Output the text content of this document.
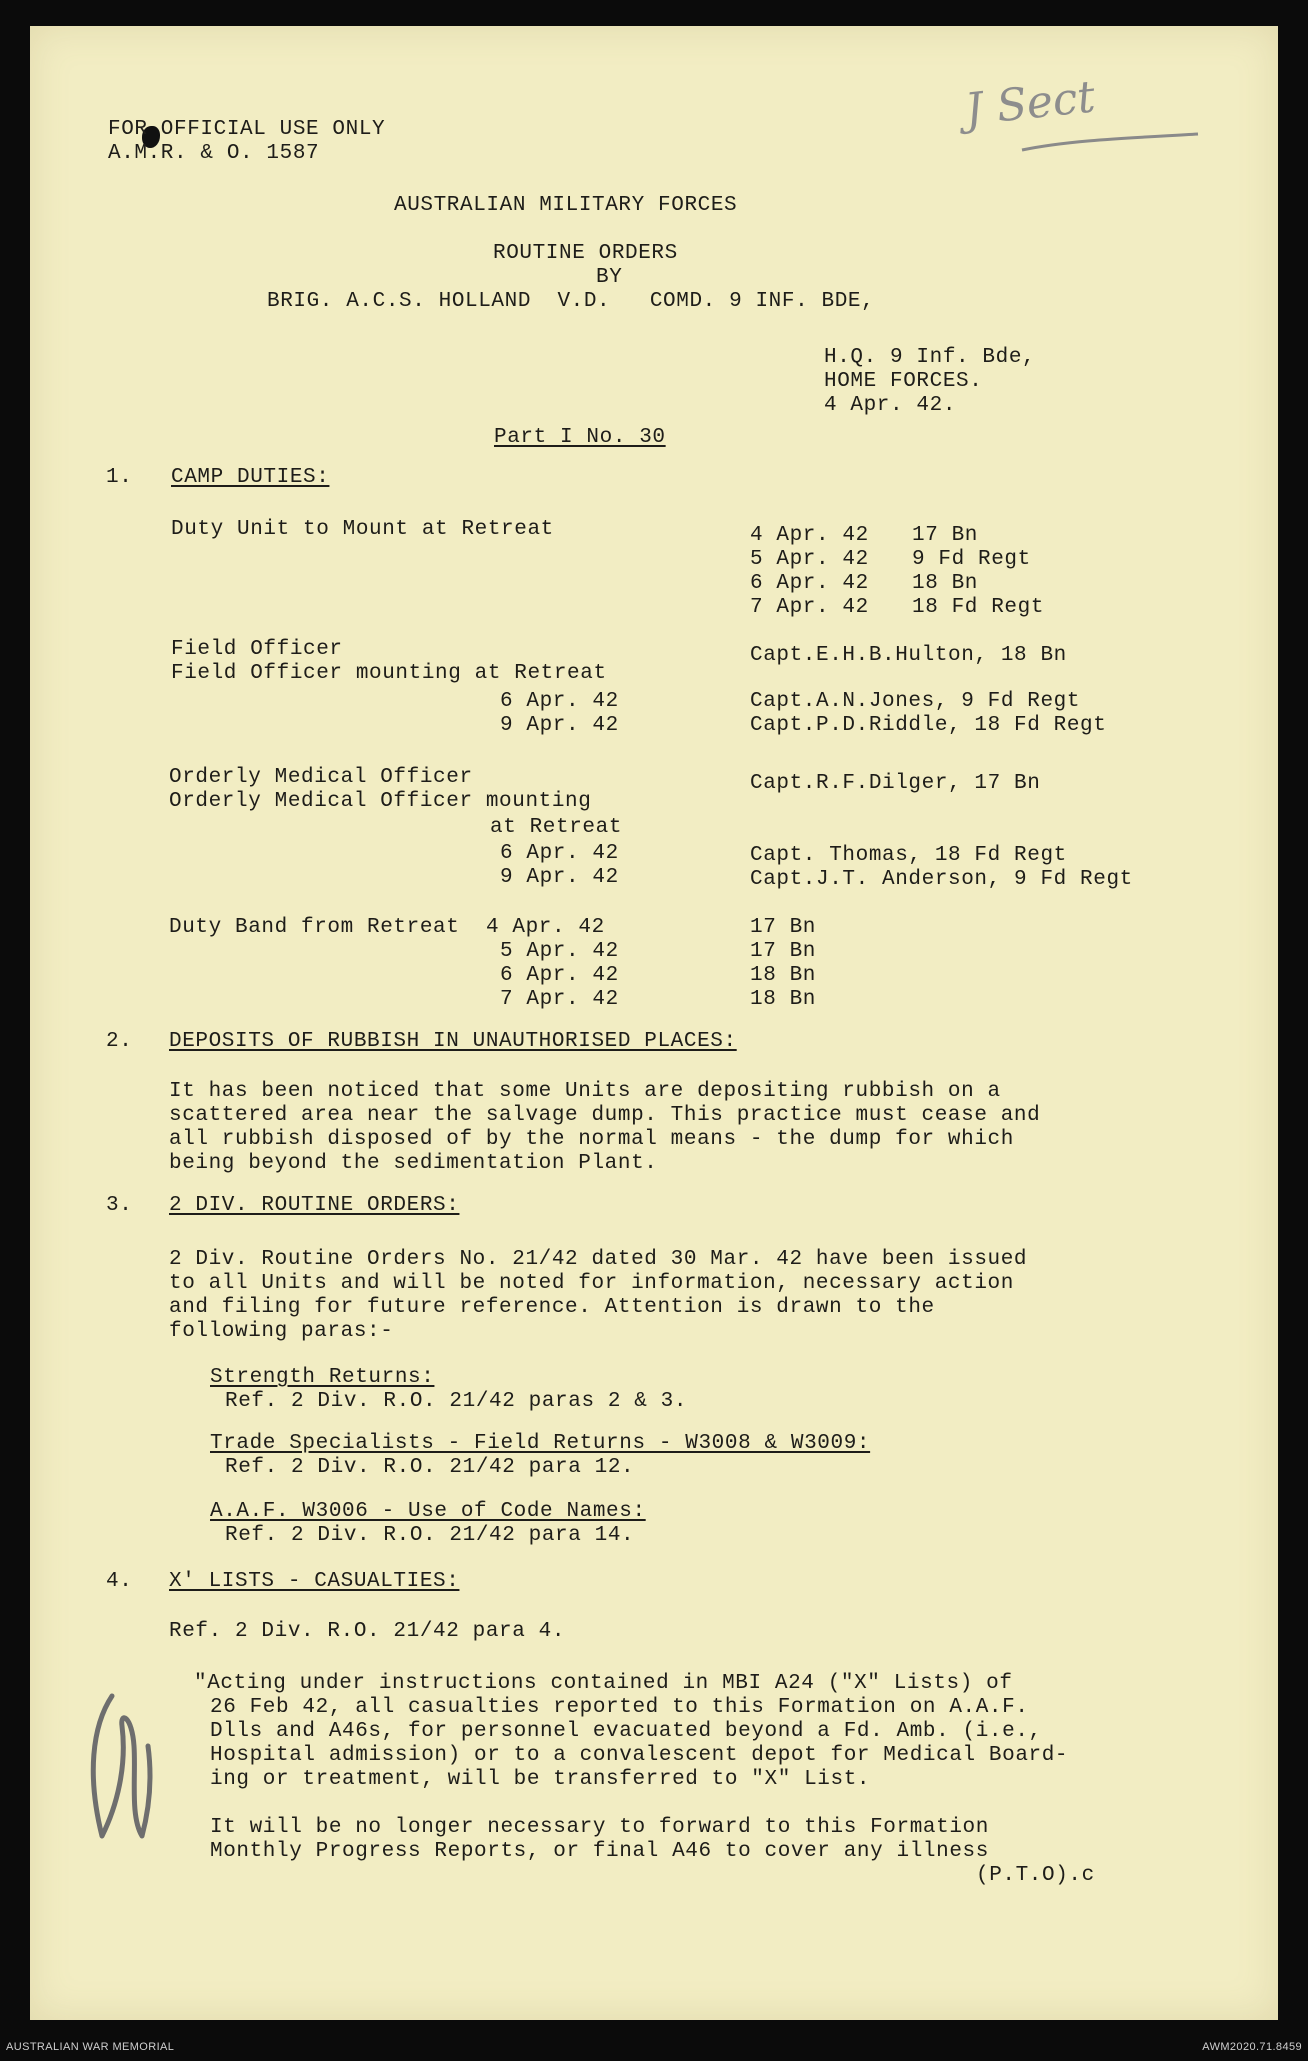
J Sect
FOR OFFICIAL USE ONLY
A.M.R. & O. 1587
AUSTRALIAN MILITARY FORCES
ROUTINE ORDERS
BY
BRIG. A.C.S. HOLLAND  V.D.   COMD. 9 INF. BDE,
H.Q. 9 Inf. Bde,
HOME FORCES.
4 Apr. 42.
Part I No. 30
1. CAMP DUTIES:
Duty Unit to Mount at Retreat	4 Apr. 42 17 Bn
5 Apr. 42 9 Fd Regt
6 Apr. 42 18 Bn
7 Apr. 42 18 Fd Regt
Field Officer	Capt.E.H.B.Hulton, 18 Bn
Field Officer mounting at Retreat
6 Apr. 42	Capt.A.N.Jones, 9 Fd Regt
9 Apr. 42	Capt.P.D.Riddle, 18 Fd Regt
Orderly Medical Officer	Capt.R.F.Dilger, 17 Bn
Orderly Medical Officer mounting
at Retreat
6 Apr. 42	Capt. Thomas, 18 Fd Regt
9 Apr. 42	Capt.J.T. Anderson, 9 Fd Regt
Duty Band from Retreat 4 Apr. 42	17 Bn
5 Apr. 42	17 Bn
6 Apr. 42	18 Bn
7 Apr. 42	18 Bn
2. DEPOSITS OF RUBBISH IN UNAUTHORISED PLACES:
It has been noticed that some Units are depositing rubbish on a
scattered area near the salvage dump. This practice must cease and
all rubbish disposed of by the normal means - the dump for which
being beyond the sedimentation Plant.
3. 2 DIV. ROUTINE ORDERS:
2 Div. Routine Orders No. 21/42 dated 30 Mar. 42 have been issued
to all Units and will be noted for information, necessary action
and filing for future reference. Attention is drawn to the
following paras:-
Strength Returns:
Ref. 2 Div. R.O. 21/42 paras 2 & 3.
Trade Specialists - Field Returns - W3008 & W3009:
Ref. 2 Div. R.O. 21/42 para 12.
A.A.F. W3006 - Use of Code Names:
Ref. 2 Div. R.O. 21/42 para 14.
4. X' LISTS - CASUALTIES:
Ref. 2 Div. R.O. 21/42 para 4.
"Acting under instructions contained in MBI A24 ("X" Lists) of
26 Feb 42, all casualties reported to this Formation on A.A.F.
Dlls and A46s, for personnel evacuated beyond a Fd. Amb. (i.e.,
Hospital admission) or to a convalescent depot for Medical Board-
ing or treatment, will be transferred to "X" List.
It will be no longer necessary to forward to this Formation
Monthly Progress Reports, or final A46 to cover any illness
(P.T.O).c
AUSTRALIAN WAR MEMORIAL	AWM2020.71.8459
